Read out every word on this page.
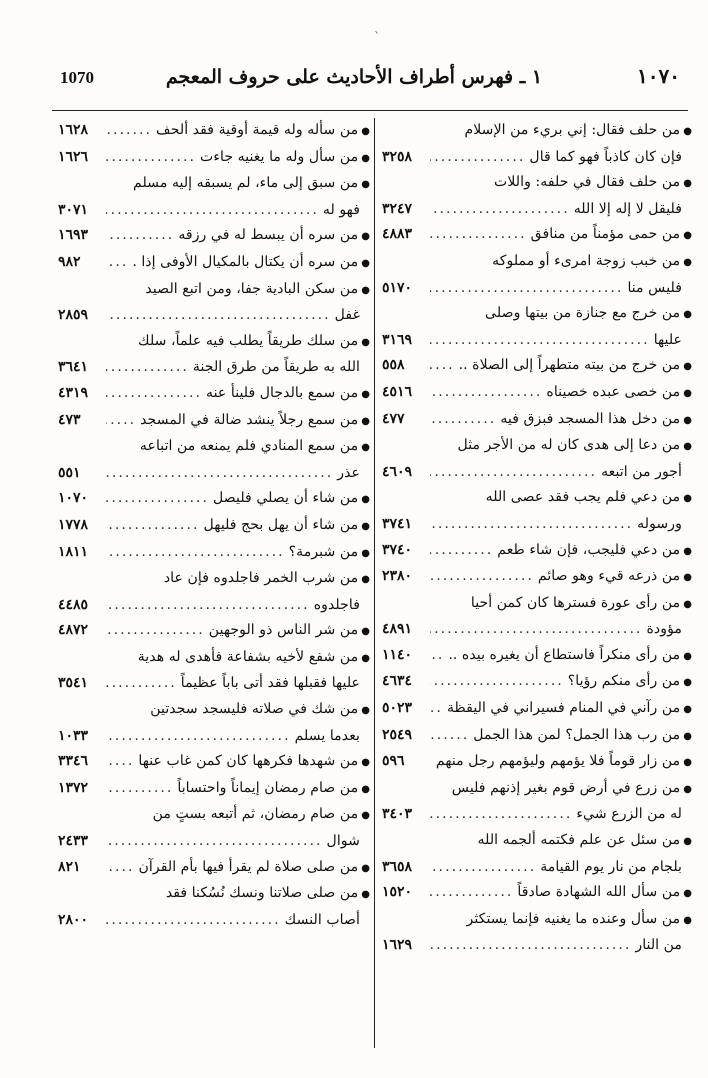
ˋ
1070	١ ـ فهرس أطراف الأحاديث على حروف المعجم	١٠٧٠
●
من حلف فقال: إني بريء من الإسلام
فإن كان كاذباً فهو كما قال
.....
٣٢٥٨
●
من حلف فقال في حلفه: واللات
فليقل لا إله إلا الله
.....
٣٢٤٧
●
من حمى مؤمناً من منافق
.....
٤٨٨٣
●
من خبب زوجة امرىء أو مملوكه
فليس منا
.....
٥١٧٠
●
من خرج مع جنازة من بيتها وصلى
عليها
.....
٣١٦٩
●
من خرج من بيته متطهراً إلى الصلاة ..
.....
٥٥٨
●
من خصى عبده خصيناه
.....
٤٥١٦
●
من دخل هذا المسجد فبزق فيه
.....
٤٧٧
●
من دعا إلى هدى كان له من الأجر مثل
أجور من اتبعه
.....
٤٦٠٩
●
من دعي فلم يجب فقد عصى الله
ورسوله
.....
٣٧٤١
●
من دعي فليجب، فإن شاء طعم
.....
٣٧٤٠
●
من ذرعه قيء وهو صائم
.....
٢٣٨٠
●
من رأى عورة فسترها كان كمن أحيا
مؤودة
.....
٤٨٩١
●
من رأى منكراً فاستطاع أن يغيره بيده ..
.....
١١٤٠
●
من رأى منكم رؤيا؟
.....
٤٦٣٤
●
من رآني في المنام فسيراني في اليقظة
.....
٥٠٢٣
●
من رب هذا الجمل؟ لمن هذا الجمل
.....
٢٥٤٩
●
من زار قوماً فلا يؤمهم وليؤمهم رجل منهم
.....
٥٩٦
●
من زرع في أرض قوم بغير إذنهم فليس
له من الزرع شيء
.....
٣٤٠٣
●
من سئل عن علم فكتمه ألجمه الله
بلجام من نار يوم القيامة
.....
٣٦٥٨
●
من سأل الله الشهادة صادقاً
.....
١٥٢٠
●
من سأل وعنده ما يغنيه فإنما يستكثر
من النار
.....
١٦٢٩
●
من سأله وله قيمة أوقية فقد ألحف
.....
١٦٢٨
●
من سأل وله ما يغنيه جاءت
.....
١٦٢٦
●
من سبق إلى ماء، لم يسبقه إليه مسلم
فهو له
.....
٣٠٧١
●
من سره أن يبسط له في رزقه
.....
١٦٩٣
●
من سره أن يكتال بالمكيال الأوفى إذا .
.....
٩٨٢
●
من سكن البادية جفا، ومن اتبع الصيد
غفل
.....
٢٨٥٩
●
من سلك طريقاً يطلب فيه علماً، سلك
الله به طريقاً من طرق الجنة
.....
٣٦٤١
●
من سمع بالدجال فلينأ عنه
.....
٤٣١٩
●
من سمع رجلاً ينشد ضالة في المسجد
.....
٤٧٣
●
من سمع المنادي فلم يمنعه من اتباعه
عذر
.....
٥٥١
●
من شاء أن يصلي فليصل
.....
١٠٧٠
●
من شاء أن يهل بحج فليهل
.....
١٧٧٨
●
من شبرمة؟
.....
١٨١١
●
من شرب الخمر فاجلدوه فإن عاد
فاجلدوه
.....
٤٤٨٥
●
من شر الناس ذو الوجهين
.....
٤٨٧٢
●
من شفع لأخيه بشفاعة فأهدى له هدية
عليها فقبلها فقد أتى باباً عظيماً
.....
٣٥٤١
●
من شك في صلاته فليسجد سجدتين
بعدما يسلم
.....
١٠٣٣
●
من شهدها فكرهها كان كمن غاب عنها
.....
٣٣٤٦
●
من صام رمضان إيماناً واحتساباً
.....
١٣٧٢
●
من صام رمضان، ثم أتبعه بستٍ من
شوال
.....
٢٤٣٣
●
من صلى صلاة لم يقرأ فيها بأم القرآن
.....
٨٢١
●
من صلى صلاتنا ونسك نُسُكنا فقد
أصاب النسك
.....
٢٨٠٠
